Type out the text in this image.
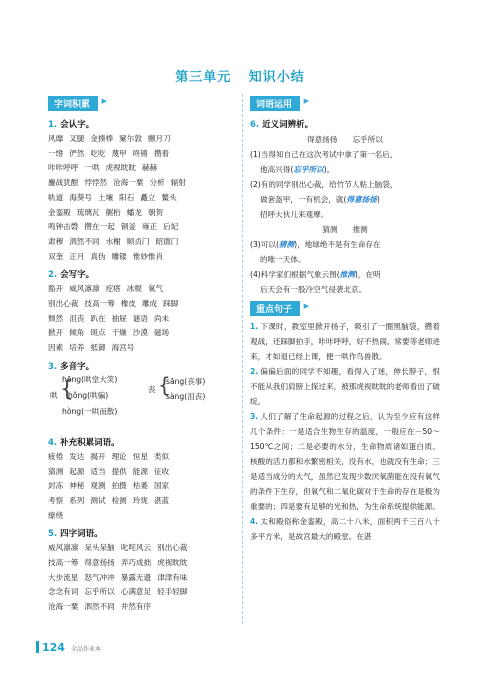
第三单元 知识小结
字词积累 ▶
1. 会认字。
风靡 叉腿 金揍棒 窠尔敦 颤月刀
一绺 俨然 吃吃 蔑甲 咚锵 攒着
咔咔呼呼 一哄 虎视眈眈 赫赫
鏖战犹酣 悖悖然 沧海一粟 分析 辐射
轨道 海葵号 土壤 阳石 矗立 鳌头
金銮殿 琉璃瓦 艉桁 蟠龙 朝贺
鸣钟击磬 攒在一起 铜釜 雍正 后妃
肃穆 泗然不同 水榭 顺贞门 昭德门
双奎 正月 真伪 雕镂 惟妙惟肖
2. 会写字。
豁开 威风凛凛 疙瘩 冰棍 氧气
别出心裁 技高一筹 橡皮 雕成 踩脚
颓然 沮丧 趴在 抽屉 谜语 尚未
掀开 倾角 斑点 干燥 沙漠 磁场
因素 培养 抵御 海宫号
3. 多音字。
hōng(哄堂大笑)
哄 {
hǒng(哄骗)
hòng(一哄而散)
丧 {
sāng(丧事)
sàng(沮丧)
4. 补充积累词语。
疲倦 发达 揭开 理论 恒星 类似
猜测 起源 适当 提供 能源 征收
封冻 神秘 观测 拍摄 枯萎 国家
考察 系列 测试 检测 玲珑 湛蓝
缭绕
5. 四字词语。
威风凛凛 呆头呆脑 叱咤风云 别出心裁
技高一筹 得意扬扬 弄巧成拙 虎视眈眈
大步流星 怒气冲冲 暴露无遗 津津有味
念念有词 忘乎所以 心满意足 轻手轻脚
沧海一粟 泗然不同 井然有序
词语运用 ▶
6. 近义词辨析。
得意扬扬　　忘乎所以
(1)当得知自己在这次考试中拿了第一名后，
他高兴得(忘乎所以)。
(2)有的同学别出心裁，给竹节人粘上脑袋，
做套盔甲，一有机会，就(得意扬扬)
招呼大伙儿来观摩。
猜测　　推测
(3)可以(猜测)，地球绝不是有生命存在
的唯一天体。
(4)科学家们根据气象云图(推测)，在明
后天会有一股冷空气侵袭北京。
重点句子 ▶
1. 下课时，教室里掀开扬子，吸引了一圈黑脑袋，攒着观战，还踩脚拍手，咔咔呼呼，好不热闹。常要等老师进来，才如退已经上课，便一哄作鸟兽散。
2. 偏偏后面的同学不知趣，看得入了迷，伸长脖子，恨不能从我们肩膀上探过来，被那虎视眈眈的老师看出了破绽。
3. 人们了解了生命起源的过程之后，认为至少应有这样几个条件：一是适合生物生存的温度，一般应在－50～150℃之间；二是必要的水分，生命物质诸如蛋白质、核酸的活力都和水繁密相关，没有水，也就没有生命；三是适当成分的大气，虽然已发现少数厌氧菌能在没有氧气的条件下生存，但氧气和二氧化碳对于生命的存在是极为重要的；四是要有足够的光和热，为生命系统提供能源。
4. 太和殿俗称金銮殿，高二十八米，面积两千三百八十多平方米，是故宫最大的殿堂。在湛
124 全品作业本
